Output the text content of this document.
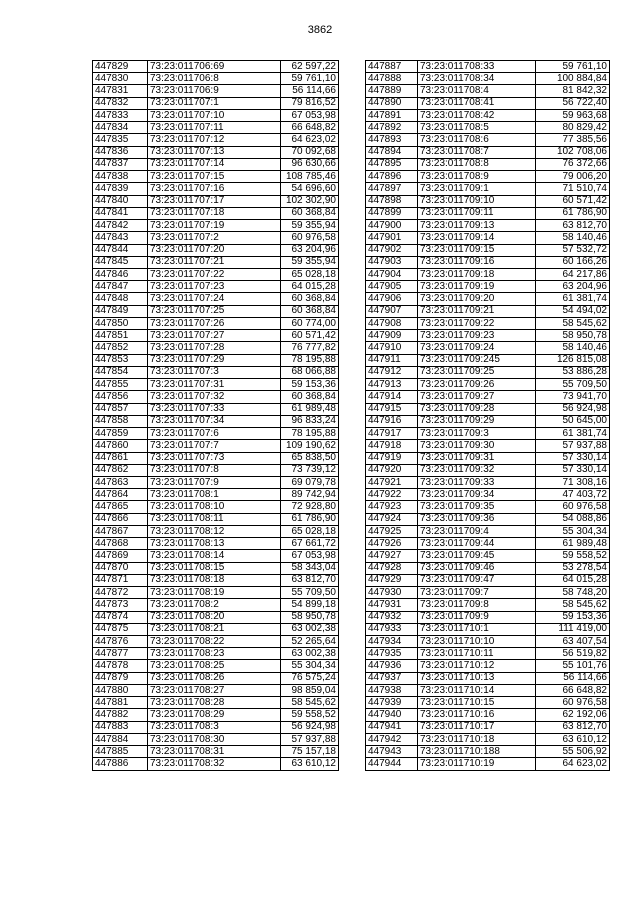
3862
447829	73:23:011706:69	62 597,22
447830	73:23:011706:8	59 761,10
447831	73:23:011706:9	56 114,66
447832	73:23:011707:1	79 816,52
447833	73:23:011707:10	67 053,98
447834	73:23:011707:11	66 648,82
447835	73:23:011707:12	64 623,02
447836	73:23:011707:13	70 092,68
447837	73:23:011707:14	96 630,66
447838	73:23:011707:15	108 785,46
447839	73:23:011707:16	54 696,60
447840	73:23:011707:17	102 302,90
447841	73:23:011707:18	60 368,84
447842	73:23:011707:19	59 355,94
447843	73:23:011707:2	60 976,58
447844	73:23:011707:20	63 204,96
447845	73:23:011707:21	59 355,94
447846	73:23:011707:22	65 028,18
447847	73:23:011707:23	64 015,28
447848	73:23:011707:24	60 368,84
447849	73:23:011707:25	60 368,84
447850	73:23:011707:26	60 774,00
447851	73:23:011707:27	60 571,42
447852	73:23:011707:28	76 777,82
447853	73:23:011707:29	78 195,88
447854	73:23:011707:3	68 066,88
447855	73:23:011707:31	59 153,36
447856	73:23:011707:32	60 368,84
447857	73:23:011707:33	61 989,48
447858	73:23:011707:34	96 833,24
447859	73:23:011707:6	78 195,88
447860	73:23:011707:7	109 190,62
447861	73:23:011707:73	65 838,50
447862	73:23:011707:8	73 739,12
447863	73:23:011707:9	69 079,78
447864	73:23:011708:1	89 742,94
447865	73:23:011708:10	72 928,80
447866	73:23:011708:11	61 786,90
447867	73:23:011708:12	65 028,18
447868	73:23:011708:13	67 661,72
447869	73:23:011708:14	67 053,98
447870	73:23:011708:15	58 343,04
447871	73:23:011708:18	63 812,70
447872	73:23:011708:19	55 709,50
447873	73:23:011708:2	54 899,18
447874	73:23:011708:20	58 950,78
447875	73:23:011708:21	63 002,38
447876	73:23:011708:22	52 265,64
447877	73:23:011708:23	63 002,38
447878	73:23:011708:25	55 304,34
447879	73:23:011708:26	76 575,24
447880	73:23:011708:27	98 859,04
447881	73:23:011708:28	58 545,62
447882	73:23:011708:29	59 558,52
447883	73:23:011708:3	56 924,98
447884	73:23:011708:30	57 937,88
447885	73:23:011708:31	75 157,18
447886	73:23:011708:32	63 610,12
447887	73:23:011708:33	59 761,10
447888	73:23:011708:34	100 884,84
447889	73:23:011708:4	81 842,32
447890	73:23:011708:41	56 722,40
447891	73:23:011708:42	59 963,68
447892	73:23:011708:5	80 829,42
447893	73:23:011708:6	77 385,56
447894	73:23:011708:7	102 708,06
447895	73:23:011708:8	76 372,66
447896	73:23:011708:9	79 006,20
447897	73:23:011709:1	71 510,74
447898	73:23:011709:10	60 571,42
447899	73:23:011709:11	61 786,90
447900	73:23:011709:13	63 812,70
447901	73:23:011709:14	58 140,46
447902	73:23:011709:15	57 532,72
447903	73:23:011709:16	60 166,26
447904	73:23:011709:18	64 217,86
447905	73:23:011709:19	63 204,96
447906	73:23:011709:20	61 381,74
447907	73:23:011709:21	54 494,02
447908	73:23:011709:22	58 545,62
447909	73:23:011709:23	58 950,78
447910	73:23:011709:24	58 140,46
447911	73:23:011709:245	126 815,08
447912	73:23:011709:25	53 886,28
447913	73:23:011709:26	55 709,50
447914	73:23:011709:27	73 941,70
447915	73:23:011709:28	56 924,98
447916	73:23:011709:29	50 645,00
447917	73:23:011709:3	61 381,74
447918	73:23:011709:30	57 937,88
447919	73:23:011709:31	57 330,14
447920	73:23:011709:32	57 330,14
447921	73:23:011709:33	71 308,16
447922	73:23:011709:34	47 403,72
447923	73:23:011709:35	60 976,58
447924	73:23:011709:36	54 088,86
447925	73:23:011709:4	55 304,34
447926	73:23:011709:44	61 989,48
447927	73:23:011709:45	59 558,52
447928	73:23:011709:46	53 278,54
447929	73:23:011709:47	64 015,28
447930	73:23:011709:7	58 748,20
447931	73:23:011709:8	58 545,62
447932	73:23:011709:9	59 153,36
447933	73:23:011710:1	111 419,00
447934	73:23:011710:10	63 407,54
447935	73:23:011710:11	56 519,82
447936	73:23:011710:12	55 101,76
447937	73:23:011710:13	56 114,66
447938	73:23:011710:14	66 648,82
447939	73:23:011710:15	60 976,58
447940	73:23:011710:16	62 192,06
447941	73:23:011710:17	63 812,70
447942	73:23:011710:18	63 610,12
447943	73:23:011710:188	55 506,92
447944	73:23:011710:19	64 623,02
